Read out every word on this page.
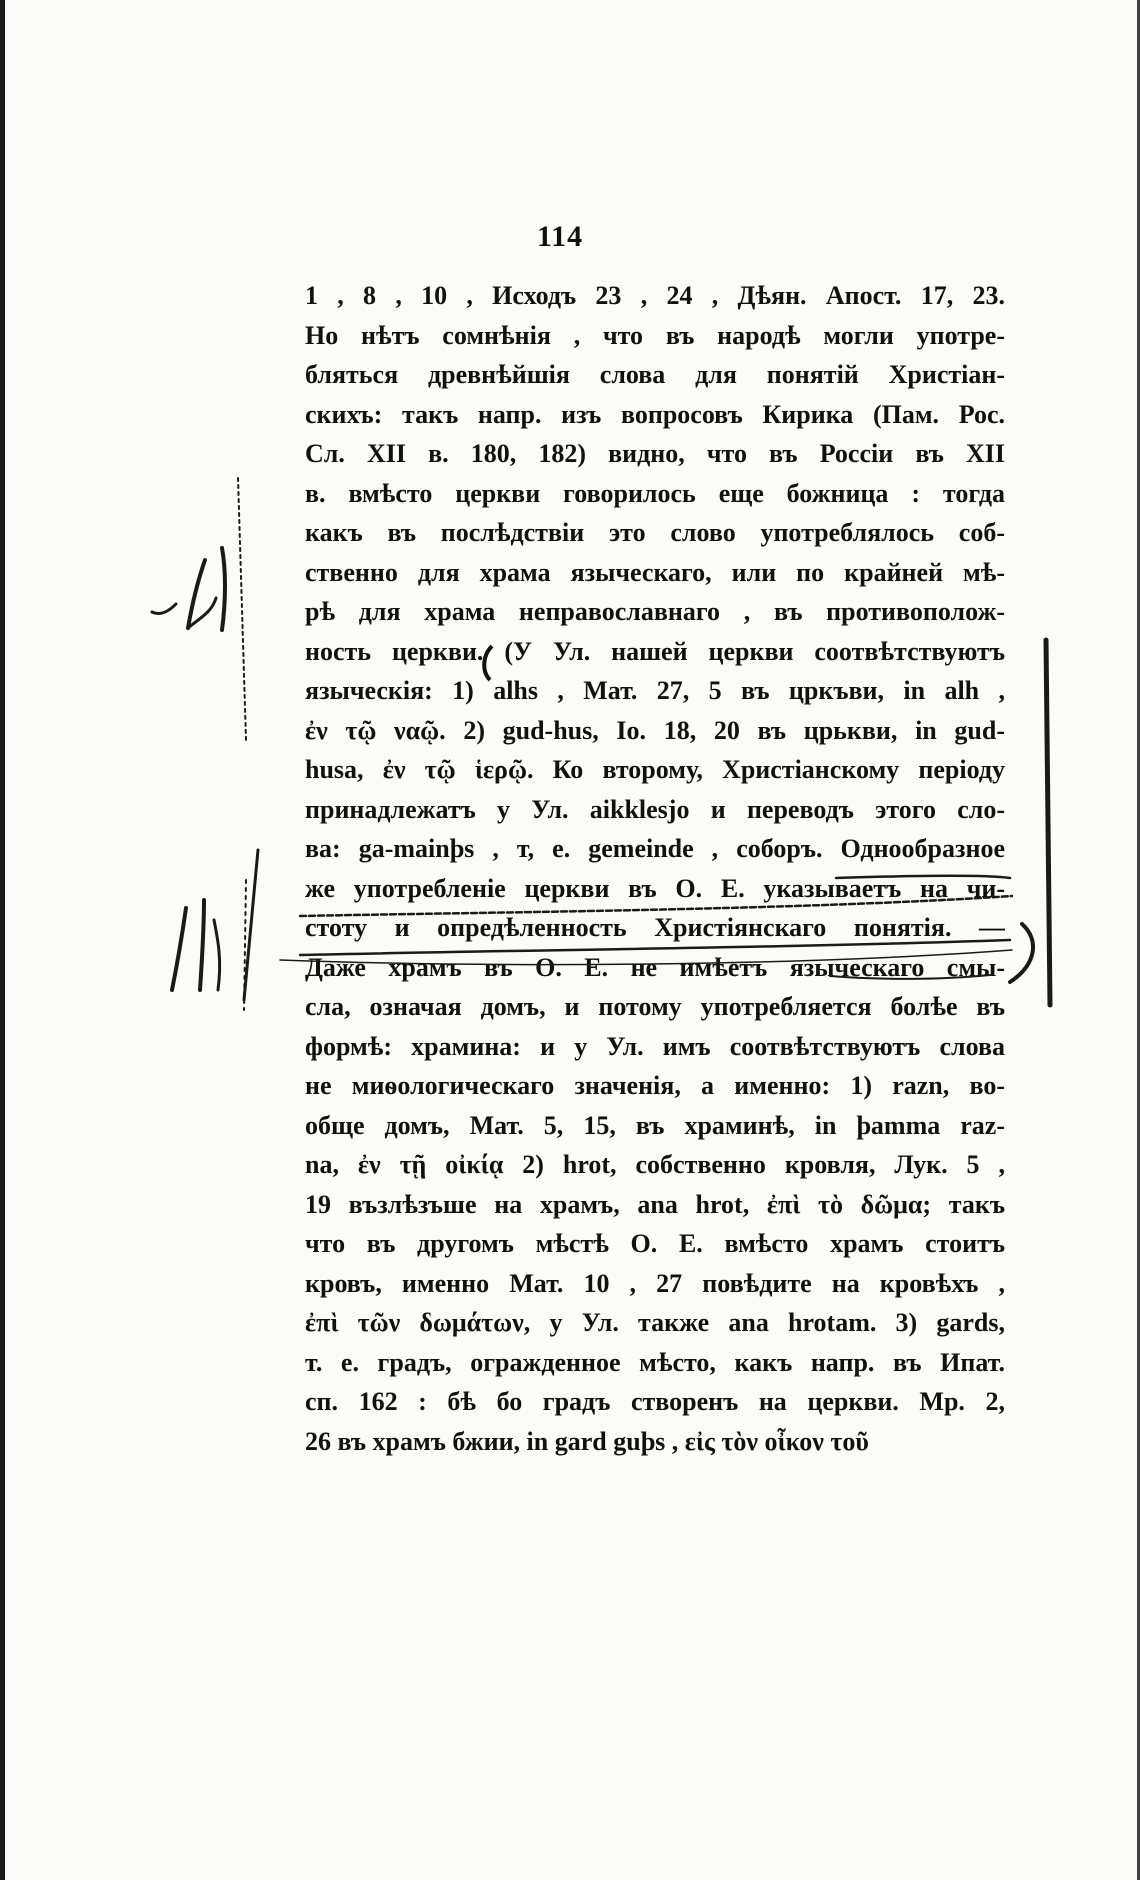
114
1 , 8 , 10 , Исходъ 23 , 24 , Дѣян. Апост. 17, 23.
Но нѣтъ сомнѣнія , что въ народѣ могли употре-
бляться древнѣйшія слова для понятій Христіан-
скихъ: такъ напр. изъ вопросовъ Кирика (Пам. Рос.
Сл. XII в. 180, 182) видно, что въ Россіи въ XII
в. вмѣсто церкви говорилось еще божница : тогда
какъ въ послѣдствіи это слово употреблялось соб-
ственно для храма языческаго, или по крайней мѣ-
рѣ для храма неправославнаго , въ противополож-
ность церкви. (У Ул. нашей церкви соотвѣтствуютъ
языческія: 1) alhs , Мат. 27, 5 въ цркъви, in alh ,
ἐν τῷ ναῷ. 2) gud-hus, Іо. 18, 20 въ црькви, in gud-
husa, ἐν τῷ ἱερῷ. Ко второму, Христіанскому періоду
принадлежатъ у Ул. aikklesjo и переводъ этого сло-
ва: ga-mainþs , т, е. gemeinde , соборъ. Однообразное
же употребленіе церкви въ О. Е. указываетъ на чи-
стоту и опредѣленность Христіянскаго понятія. —
Даже храмъ въ О. Е. не имѣетъ языческаго смы-
сла, означая домъ, и потому употребляется болѣе въ
формѣ: храмина: и у Ул. имъ соотвѣтствуютъ слова
не миѳологическаго значенія, а именно: 1) razn, во-
обще домъ, Мат. 5, 15, въ храминѣ, in þamma raz-
na, ἐν τῇ οἰκίᾳ 2) hrot, собственно кровля, Лук. 5 ,
19 възлѣзъше на храмъ, ana hrot, ἐπὶ τὸ δῶμα; такъ
что въ другомъ мѣстѣ О. Е. вмѣсто храмъ стоитъ
кровъ, именно Мат. 10 , 27 повѣдите на кровѣхъ ,
ἐπὶ τῶν δωμάτων, у Ул. также ana hrotam. 3) gards,
т. е. градъ, огражденное мѣсто, какъ напр. въ Ипат.
сп. 162 : бѣ бо градъ створенъ на церкви. Мр. 2,
26 въ храмъ бжии, in gard guþs , εἰς τὸν οἶκον τοῦ
